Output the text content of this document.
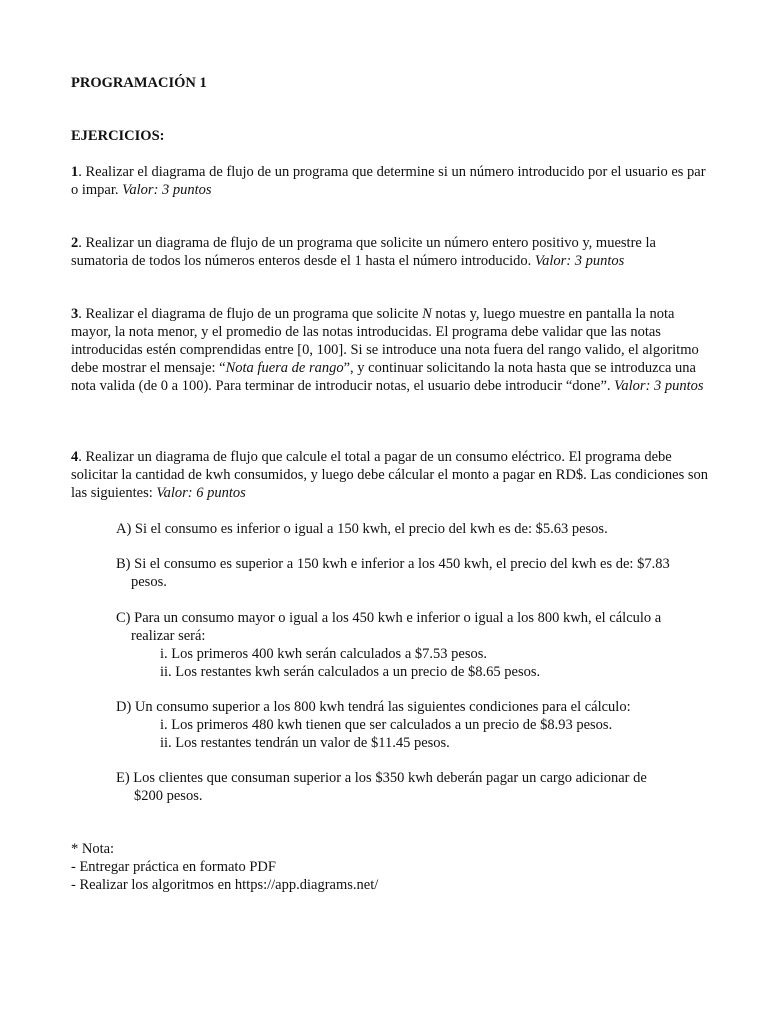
PROGRAMACIÓN 1

EJERCICIOS:

1. Realizar el diagrama de flujo de un programa que determine si un número introducido por el usuario es par o impar. Valor: 3 puntos

2. Realizar un diagrama de flujo de un programa que solicite un número entero positivo y, muestre la sumatoria de todos los números enteros desde el 1 hasta el número introducido. Valor: 3 puntos

3. Realizar el diagrama de flujo de un programa que solicite N notas y, luego muestre en pantalla la nota mayor, la nota menor, y el promedio de las notas introducidas. El programa debe validar que las notas introducidas estén comprendidas entre [0, 100]. Si se introduce una nota fuera del rango valido, el algoritmo debe mostrar el mensaje: “Nota fuera de rango”, y continuar solicitando la nota hasta que se introduzca una nota valida (de 0 a 100). Para terminar de introducir notas, el usuario debe introducir “done”. Valor: 3 puntos

4. Realizar un diagrama de flujo que calcule el total a pagar de un consumo eléctrico. El programa debe solicitar la cantidad de kwh consumidos, y luego debe cálcular el monto a pagar en RD$. Las condiciones son las siguientes: Valor: 6 puntos

A) Si el consumo es inferior o igual a 150 kwh, el precio del kwh es de: $5.63 pesos.

B) Si el consumo es superior a 150 kwh e inferior a los 450 kwh, el precio del kwh es de: $7.83
pesos.

C) Para un consumo mayor o igual a los 450 kwh e inferior o igual a los 800 kwh, el cálculo a
realizar será:

i. Los primeros 400 kwh serán calculados a $7.53 pesos.

ii. Los restantes kwh serán calculados a un precio de $8.65 pesos.

D) Un consumo superior a los 800 kwh tendrá las siguientes condiciones para el cálculo:

i. Los primeros 480 kwh tienen que ser calculados a un precio de $8.93 pesos.

ii. Los restantes tendrán un valor de $11.45 pesos.

E) Los clientes que consuman superior a los $350 kwh deberán pagar un cargo adicionar de
$200 pesos.

* Nota:

- Entregar práctica en formato PDF

- Realizar los algoritmos en https://app.diagrams.net/
